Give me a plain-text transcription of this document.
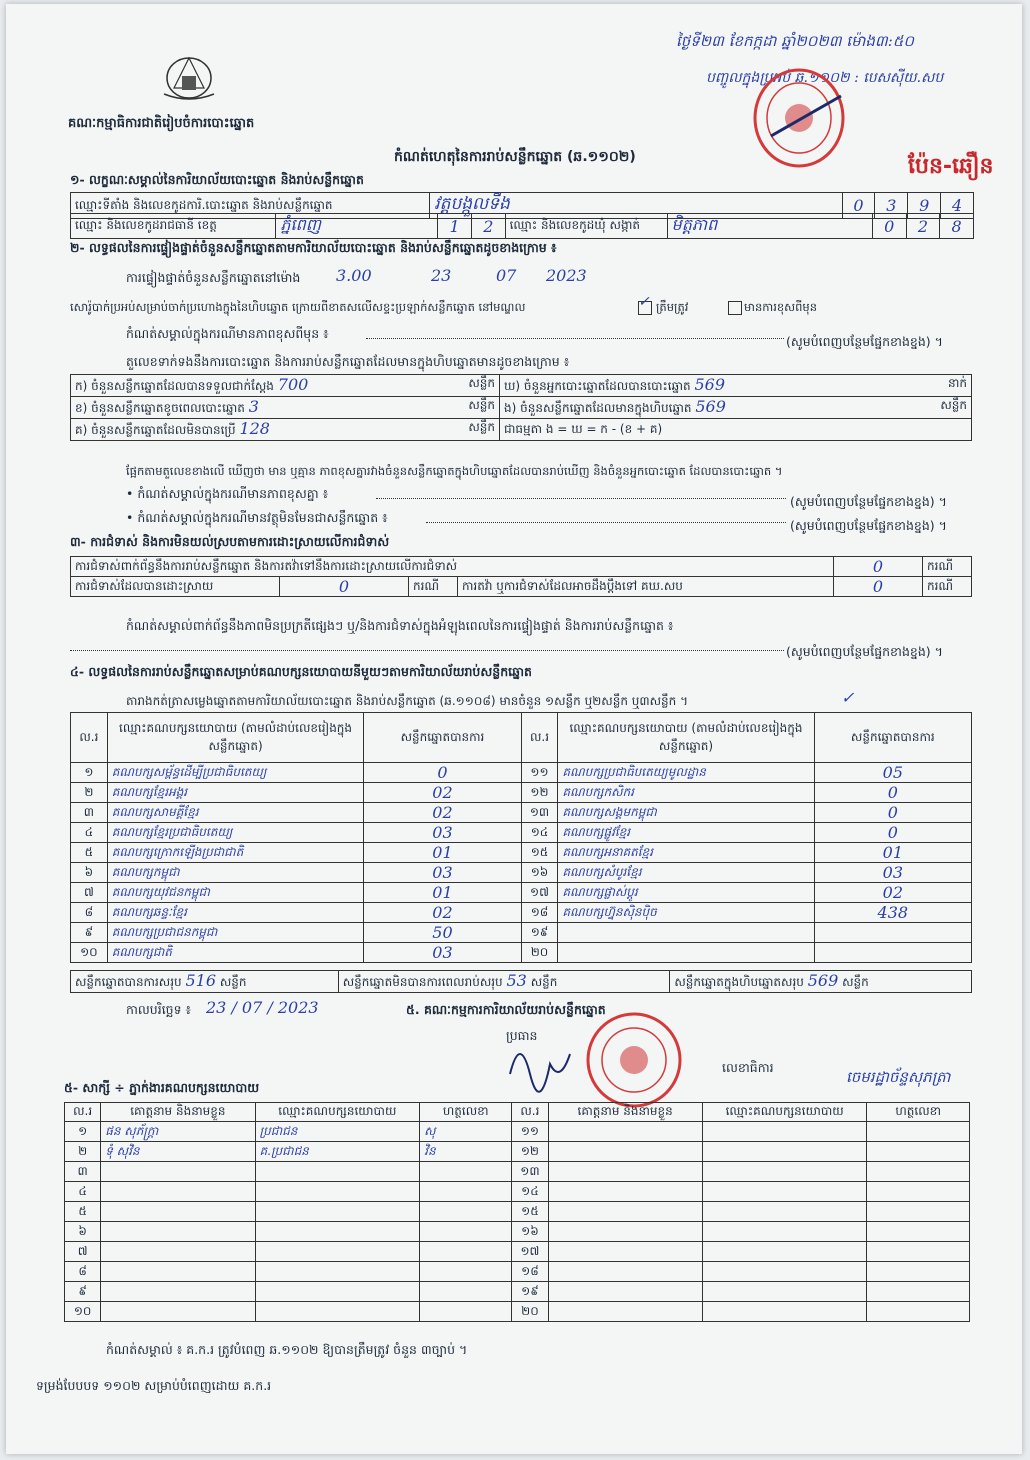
គណៈកម្មាធិការជាតិរៀបចំការបោះឆ្នោត
ថ្ងៃទី២៣ ខែកក្កដា ឆ្នាំ២០២៣ ម៉ោង៣:៥០
បញ្ចូលក្នុងប្រអប់ ឆ.១១០២ : បេសស៊ីយ.សប
ប៉ែន-ឆឿន
កំណត់ហេតុនៃការរាប់សន្លឹកឆ្នោត (ឆ.១១០២)
១- លក្ខណៈសម្គាល់នៃការិយាល័យបោះឆ្នោត និងរាប់សន្លឹកឆ្នោត
ឈ្មោះទីតាំង និងលេខកូដការិ.បោះឆ្នោត និងរាប់សន្លឹកឆ្នោត	វត្តបង្កួលទឹង	0	3	9	4
ឈ្មោះ និងលេខកូដរាជធានី ខេត្ត	ភ្នំពេញ	1	2	ឈ្មោះ និងលេខកូដឃុំ សង្កាត់	មិត្តភាព	0	2	8
២- លទ្ធផលនៃការផ្ទៀងផ្ទាត់ចំនួនសន្លឹកឆ្នោតតាមការិយាល័យបោះឆ្នោត និងរាប់សន្លឹកឆ្នោតដូចខាងក្រោម ៖
ការផ្ទៀងផ្ទាត់ចំនួនសន្លឹកឆ្នោតនៅម៉ោង 3.00	23	07 2023
សោរ៉ូបាក់ប្រអប់សម្រាប់ចាក់ប្រហោងក្នុងនៃហិបឆ្នោត ក្រោយពីខាតសលើសខ្ទះប្រឡាក់សន្លឹកឆ្នោត នៅមណ្ឌល	✓ ត្រឹមត្រូវ	មានការខុសពីមុន
កំណត់សម្គាល់ក្នុងករណីមានភាពខុសពីមុន ៖
(សូមបំពេញបន្ថែមផ្នែកខាងខ្នង) ។
តួលេខទាក់ទងនឹងការបោះឆ្នោត និងការរាប់សន្លឹកឆ្នោតដែលមានក្នុងហិបឆ្នោតមានដូចខាងក្រោម ៖
ក) ចំនួនសន្លឹកឆ្នោតដែលបានទទួលជាក់ស្តែង 700 សន្លឹក	ឃ) ចំនួនអ្នកបោះឆ្នោតដែលបានបោះឆ្នោត 569 នាក់

ខ) ចំនួនសន្លឹកឆ្នោតខូចពេលបោះឆ្នោត 3 សន្លឹក	ង) ចំនួនសន្លឹកឆ្នោតដែលមានក្នុងហិបឆ្នោត 569 សន្លឹក

គ) ចំនួនសន្លឹកឆ្នោតដែលមិនបានប្រើ 128 សន្លឹក	ជាធម្មតា ង = ឃ = ក - (ខ + គ)
ផ្អែកតាមតួលេខខាងលើ ឃើញថា មាន ឬគ្មាន ភាពខុសគ្នារវាងចំនួនសន្លឹកឆ្នោតក្នុងហិបឆ្នោតដែលបានរាប់ឃើញ និងចំនួនអ្នកបោះឆ្នោត ដែលបានបោះឆ្នោត ។
• កំណត់សម្គាល់ក្នុងករណីមានភាពខុសគ្នា ៖
(សូមបំពេញបន្ថែមផ្នែកខាងខ្នង) ។
• កំណត់សម្គាល់ក្នុងករណីមានវត្ថុមិនមែនជាសន្លឹកឆ្នោត ៖
(សូមបំពេញបន្ថែមផ្នែកខាងខ្នង) ។
៣- ការជំទាស់ និងការមិនយល់ស្របតាមការដោះស្រាយលើការជំទាស់
ការជំទាស់ពាក់ព័ន្ធនឹងការរាប់សន្លឹកឆ្នោត និងការតវ៉ាទៅនឹងការដោះស្រាយលើការជំទាស់				0	ករណី
ការជំទាស់ដែលបានដោះស្រាយ	0	ករណី	ការតវ៉ា ឬការជំទាស់ដែលអាចដឹងប្តឹងទៅ គឃ.សប	0	ករណី
កំណត់សម្គាល់ពាក់ព័ន្ធនឹងភាពមិនប្រក្រតីផ្សេងៗ ឬ/និងការជំទាស់ក្នុងអំឡុងពេលនៃការផ្ទៀងផ្ទាត់ និងការរាប់សន្លឹកឆ្នោត ៖
(សូមបំពេញបន្ថែមផ្នែកខាងខ្នង) ។
៤- លទ្ធផលនៃការរាប់សន្លឹកឆ្នោតសម្រាប់គណបក្សនយោបាយនីមួយៗតាមការិយាល័យរាប់សន្លឹកឆ្នោត
តារាងកត់ត្រាសម្លេងឆ្នោតតាមការិយាល័យបោះឆ្នោត និងរាប់សន្លឹកឆ្នោត (ឆ.១១០៨) មានចំនួន ១សន្លឹក ឬ២សន្លឹក ឬ៣សន្លឹក ។	✓
ល.រ	ឈ្មោះគណបក្សនយោបាយ (តាមលំដាប់លេខរៀងក្នុងសន្លឹកឆ្នោត)	សន្លឹកឆ្នោតបានការ	ល.រ	ឈ្មោះគណបក្សនយោបាយ (តាមលំដាប់លេខរៀងក្នុងសន្លឹកឆ្នោត)	សន្លឹកឆ្នោតបានការ
១	គណបក្សសម្ព័ន្ធដើម្បីប្រជាធិបតេយ្យ	0	១១	គណបក្សប្រជាធិបតេយ្យមូលដ្ឋាន	05
២	គណបក្សខ្មែរអង្គរ	02	១២	គណបក្សកសិករ	0
៣	គណបក្សសាមគ្គីខ្មែរ	02	១៣	គណបក្សសង្គមកម្ពុជា	0
៤	គណបក្សខ្មែរប្រជាធិបតេយ្យ	03	១៤	គណបក្សផ្លូវខ្មែរ	0
៥	គណបក្សក្រោកឡើងប្រជាជាតិ	01	១៥	គណបក្សអនាគតខ្មែរ	01
៦	គណបក្សកម្ពុជា	03	១៦	គណបក្សសំបូរខ្មែរ	03
៧	គណបក្សយុវជនកម្ពុជា	01	១៧	គណបក្សផ្លាស់ប្តូរ	02
៨	គណបក្សឆន្ទៈខ្មែរ	02	១៨	គណបក្សហ្វ៊ុនស៊ិនប៉ិច	438
៩	គណបក្សប្រជាជនកម្ពុជា	50	១៩		
១០	គណបក្សជាតិ	03	២០		
សន្លឹកឆ្នោតបានការសរុប 516 សន្លឹក	សន្លឹកឆ្នោតមិនបានការពេលរាប់សរុប 53 សន្លឹក	សន្លឹកឆ្នោតក្នុងហិបឆ្នោតសរុប 569 សន្លឹក
កាលបរិច្ឆេទ ៖ 23 / 07 / 2023	៥. គណៈកម្មការការិយាល័យរាប់សន្លឹកឆ្នោត
ប្រធាន
លេខាធិការ
ចេមរដ្ឋាច័ន្ទសុភត្រា
៥- សាក្សី ÷ ភ្នាក់ងារគណបក្សនយោបាយ
ល.រ	គោត្តនាម និងនាមខ្លួន	ឈ្មោះគណបក្សនយោបាយ	ហត្ថលេខា	ល.រ	គោត្តនាម និងនាមខ្លួន	ឈ្មោះគណបក្សនយោបាយ	ហត្ថលេខា
១	ផន សុភ័ក្ត្រា	ប្រជាជន	សុ	១១			
២	ទុំ សុវិន	គ.ប្រជាជន	វិន	១២			
៣				១៣			
៤				១៤			
៥				១៥			
៦				១៦			
៧				១៧			
៨				១៨			
៩				១៩			
១០				២០			
កំណត់សម្គាល់ ៖ គ.ក.រ ត្រូវបំពេញ ឆ.១១០២ ឱ្យបានត្រឹមត្រូវ ចំនួន ៣ច្បាប់ ។
ទម្រង់បែបបទ ១១០២ សម្រាប់បំពេញដោយ គ.ក.រ
